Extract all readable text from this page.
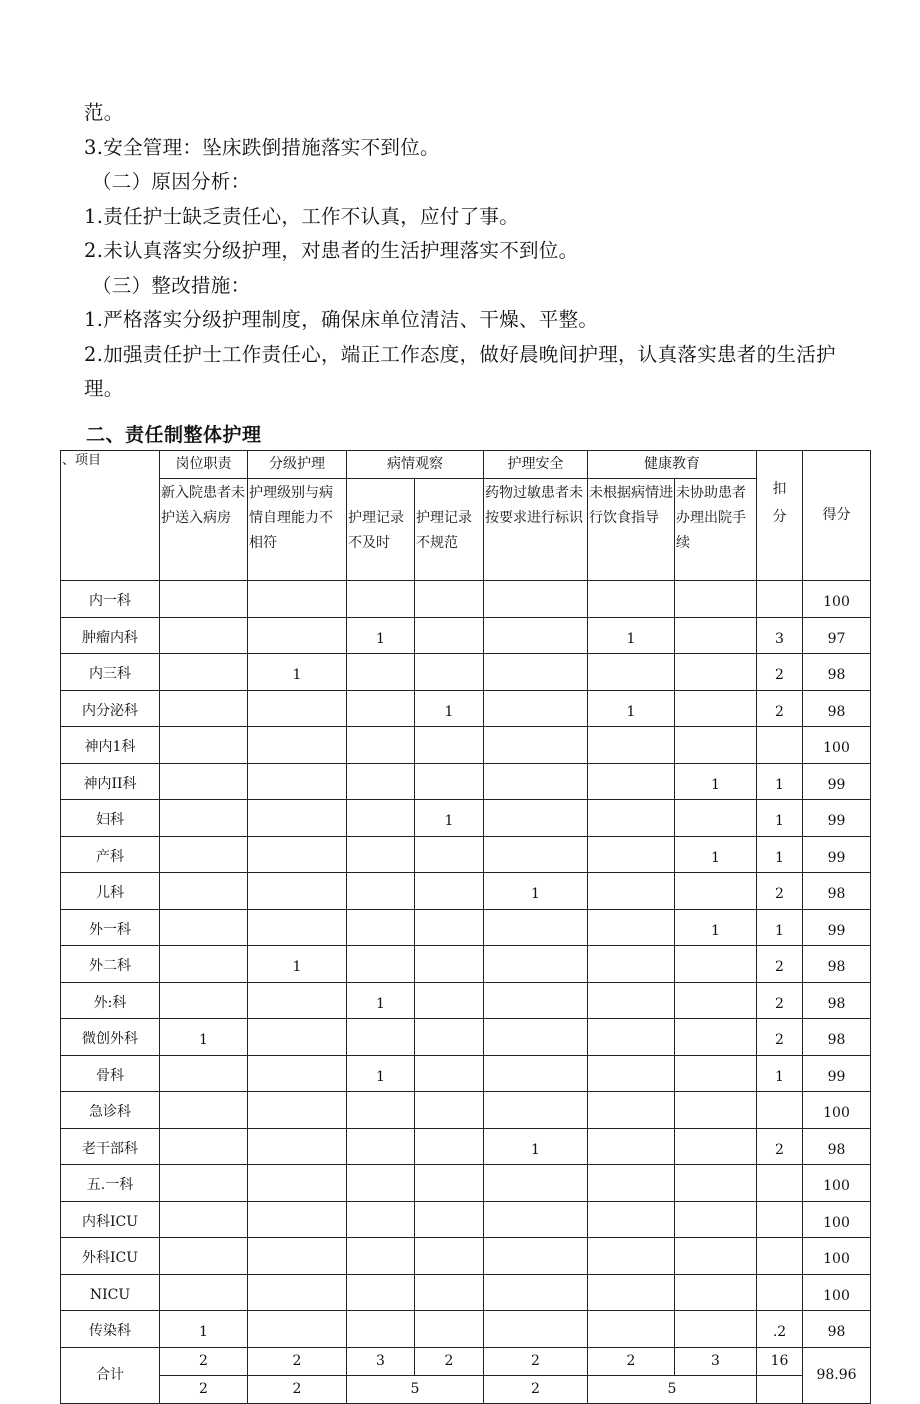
范。
3.安全管理：坠床跌倒措施落实不到位。
（二）原因分析：
1.责任护士缺乏责任心，工作不认真，应付了事。
2.未认真落实分级护理，对患者的生活护理落实不到位。
（三）整改措施：
1.严格落实分级护理制度，确保床单位清洁、干燥、平整。
2.加强责任护士工作责任心，端正工作态度，做好晨晚间护理，认真落实患者的生活护理。
二、责任制整体护理
、项目	岗位职责	分级护理	病情观察		护理安全	健康教育		扣分	得分
	新入院患者未护送入病房	护理级别与病情自理能力不相符	护理记录不及时	护理记录不规范	药物过敏患者未按要求进行标识	未根据病情进行饮食指导	未协助患者办理出院手续		
内一科									100
肿瘤内科			1			1		3	97
内三科		1						2	98
内分泌科				1		1		2	98
神内1科									100
神内II科							1	1	99
妇科				1				1	99
产科							1	1	99
儿科					1			2	98
外一科							1	1	99
外二科		1						2	98
外:科			1					2	98
微创外科	1							2	98
骨科			1					1	99
急诊科									100
老干部科					1			2	98
五.一科									100
内科ICU									100
外科ICU									100
NICU									100
传染科	1							.2	98
合计	2	2	3	2	2	2	3	16	98.96
	2	2	5		2	5			
